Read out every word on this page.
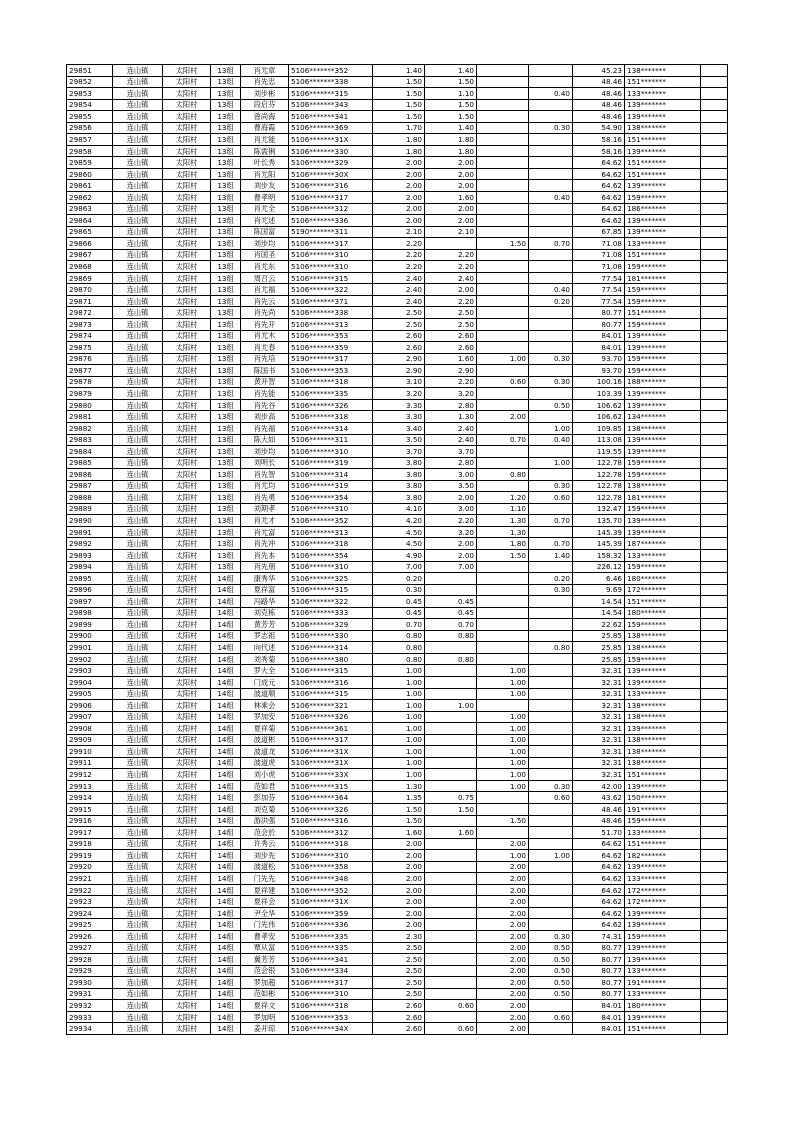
29851	连山镇	太阳村	13组	肖尤章	5106*******352	1.40	1.40			45.23	138*******	
29852	连山镇	太阳村	13组	肖先忠	5106*******338	1.50	1.50			48.46	151*******	
29853	连山镇	太阳村	13组	刘步彬	5106*******315	1.50	1.10		0.40	48.46	133*******	
29854	连山镇	太阳村	13组	段启芬	5106*******343	1.50	1.50			48.46	139*******	
29855	连山镇	太阳村	13组	曾尚海	5106*******341	1.50	1.50			48.46	139*******	
29856	连山镇	太阳村	13组	曹海霞	5106*******369	1.70	1.40		0.30	54.90	138*******	
29857	连山镇	太阳村	13组	肖尤能	5106*******31X	1.80	1.80			58.16	151*******	
29858	连山镇	太阳村	13组	陈需俐	5106*******330	1.80	1.80			58.16	139*******	
29859	连山镇	太阳村	13组	叶长秀	5106*******329	2.00	2.00			64.62	151*******	
29860	连山镇	太阳村	13组	肖尤阳	5106*******30X	2.00	2.00			64.62	151*******	
29861	连山镇	太阳村	13组	刘步友	5106*******316	2.00	2.00			64.62	139*******	
29862	连山镇	太阳村	13组	曹孝明	5106*******317	2.00	1.60		0.40	64.62	159*******	
29863	连山镇	太阳村	13组	肖尤全	5106*******312	2.00	2.00			64.62	186*******	
29864	连山镇	太阳村	13组	肖尤述	5106*******336	2.00	2.00			64.62	139*******	
29865	连山镇	太阳村	13组	陈国富	5190*******311	2.10	2.10			67.85	139*******	
29866	连山镇	太阳村	13组	刘步均	5106*******317	2.20		1.50	0.70	71.08	133*******	
29867	连山镇	太阳村	13组	肖国圣	5106*******310	2.20	2.20			71.08	151*******	
29868	连山镇	太阳村	13组	肖尤东	5106*******310	2.20	2.20			71.08	159*******	
29869	连山镇	太阳村	13组	周召云	5106*******315	2.40	2.40			77.54	181*******	
29870	连山镇	太阳村	13组	肖尤福	5106*******322	2.40	2.00		0.40	77.54	159*******	
29871	连山镇	太阳村	13组	肖先云	5106*******371	2.40	2.20		0.20	77.54	159*******	
29872	连山镇	太阳村	13组	肖先尚	5106*******338	2.50	2.50			80.77	151*******	
29873	连山镇	太阳村	13组	肖先开	5106*******313	2.50	2.50			80.77	159*******	
29874	连山镇	太阳村	13组	肖尤木	5106*******353	2.60	2.60			84.01	139*******	
29875	连山镇	太阳村	13组	肖尤春	5106*******359	2.60	2.60			84.01	139*******	
29876	连山镇	太阳村	13组	肖先培	5190*******317	2.90	1.60	1.00	0.30	93.70	159*******	
29877	连山镇	太阳村	13组	陈国书	5106*******353	2.90	2.90			93.70	159*******	
29878	连山镇	太阳村	13组	黄开智	5106*******318	3.10	2.20	0.60	0.30	100.16	188*******	
29879	连山镇	太阳村	13组	肖先能	5106*******335	3.20	3.20			103.39	139*******	
29880	连山镇	太阳村	13组	肖先谷	5106*******326	3.30	2.80		0.50	106.62	139*******	
29881	连山镇	太阳村	13组	刘步高	5106*******318	3.30	1.30	2.00		106.62	134*******	
29882	连山镇	太阳村	13组	肖先福	5106*******314	3.40	2.40		1.00	109.85	138*******	
29883	连山镇	太阳村	13组	陈大如	5106*******311	3.50	2.40	0.70	0.40	113.08	139*******	
29884	连山镇	太阳村	13组	刘步均	5106*******310	3.70	3.70			119.55	139*******	
29885	连山镇	太阳村	13组	刘明长	5106*******319	3.80	2.80		1.00	122.78	159*******	
29886	连山镇	太阳村	13组	肖先智	5106*******314	3.80	3.00	0.80		122.78	159*******	
29887	连山镇	太阳村	13组	肖尤均	5106*******319	3.80	3.50		0.30	122.78	138*******	
29888	连山镇	太阳村	13组	肖先勇	5106*******354	3.80	2.00	1.20	0.60	122.78	181*******	
29889	连山镇	太阳村	13组	刘期孝	5106*******310	4.10	3.00	1.10		132.47	159*******	
29890	连山镇	太阳村	13组	肖尤才	5106*******352	4.20	2.20	1.30	0.70	135.70	139*******	
29891	连山镇	太阳村	13组	肖尤富	5106*******313	4.50	3.20	1.30		145.39	139*******	
29892	连山镇	太阳村	13组	肖先冲	5106*******318	4.50	2.00	1.80	0.70	145.39	187*******	
29893	连山镇	太阳村	13组	肖先本	5106*******354	4.90	2.00	1.50	1.40	158.32	133*******	
29894	连山镇	太阳村	13组	肖先朋	5106*******310	7.00	7.00			226.12	159*******	
29895	连山镇	太阳村	14组	康秀华	5106*******325	0.20			0.20	6.46	180*******	
29896	连山镇	太阳村	14组	夏祥富	5106*******315	0.30			0.30	9.69	172*******	
29897	连山镇	太阳村	14组	冯路华	5106*******322	0.45	0.45			14.54	151*******	
29898	连山镇	太阳村	14组	刘克栋	5106*******333	0.45	0.45			14.54	180*******	
29899	连山镇	太阳村	14组	黄芳芳	5106*******329	0.70	0.70			22.62	159*******	
29900	连山镇	太阳村	14组	罗志祖	5106*******330	0.80	0.80			25.85	138*******	
29901	连山镇	太阳村	14组	向代述	5106*******314	0.80			0.80	25.85	138*******	
29902	连山镇	太阳村	14组	刘秀菊	5106*******380	0.80	0.80			25.85	159*******	
29903	连山镇	太阳村	14组	罗大全	5106*******315	1.00		1.00		32.31	139*******	
29904	连山镇	太阳村	14组	门成元	5106*******316	1.00		1.00		32.31	139*******	
29905	连山镇	太阳村	14组	波道顺	5106*******315	1.00		1.00		32.31	133*******	
29906	连山镇	太阳村	14组	林乘会	5106*******321	1.00	1.00			32.31	138*******	
29907	连山镇	太阳村	14组	罗加安	5106*******326	1.00		1.00		32.31	138*******	
29908	连山镇	太阳村	14组	夏祥菊	5106*******361	1.00		1.00		32.31	139*******	
29909	连山镇	太阳村	14组	波道彬	5106*******317	1.00		1.00		32.31	138*******	
29910	连山镇	太阳村	14组	波道龙	5106*******31X	1.00		1.00		32.31	138*******	
29911	连山镇	太阳村	14组	波道虎	5106*******31X	1.00		1.00		32.31	138*******	
29912	连山镇	太阳村	14组	刘小虎	5106*******33X	1.00		1.00		32.31	151*******	
29913	连山镇	太阳村	14组	范如君	5106*******315	1.30		1.00	0.30	42.00	139*******	
29914	连山镇	太阳村	14组	彭加芬	5106*******364	1.35	0.75		0.60	43.62	150*******	
29915	连山镇	太阳村	14组	刘克菊	5106*******326	1.50	1.50			48.46	191*******	
29916	连山镇	太阳村	14组	游洪强	5106*******316	1.50		1.50		48.46	159*******	
29917	连山镇	太阳村	14组	范会於	5106*******312	1.60	1.60			51.70	133*******	
29918	连山镇	太阳村	14组	许秀云	5106*******318	2.00		2.00		64.62	151*******	
29919	连山镇	太阳村	14组	刘步先	5106*******310	2.00		1.00	1.00	64.62	182*******	
29920	连山镇	太阳村	14组	波道松	5106*******358	2.00		2.00		64.62	139*******	
29921	连山镇	太阳村	14组	门先先	5106*******348	2.00		2.00		64.62	133*******	
29922	连山镇	太阳村	14组	夏祥建	5106*******352	2.00		2.00		64.62	172*******	
29923	连山镇	太阳村	14组	夏祥会	5106*******31X	2.00		2.00		64.62	172*******	
29924	连山镇	太阳村	14组	尹全华	5106*******359	2.00		2.00		64.62	139*******	
29925	连山镇	太阳村	14组	门先伟	5106*******336	2.00		2.00		64.62	139*******	
29926	连山镇	太阳村	14组	曹孝安	5106*******335	2.30		2.00	0.30	74.31	159*******	
29927	连山镇	太阳村	14组	覃从富	5106*******335	2.50		2.00	0.50	80.77	139*******	
29928	连山镇	太阳村	14组	冀芳芳	5106*******341	2.50		2.00	0.50	80.77	139*******	
29929	连山镇	太阳村	14组	范会银	5106*******334	2.50		2.00	0.50	80.77	133*******	
29930	连山镇	太阳村	14组	罗加超	5106*******317	2.50		2.00	0.50	80.77	191*******	
29931	连山镇	太阳村	14组	范如彬	5106*******310	2.50		2.00	0.50	80.77	133*******	
29932	连山镇	太阳村	14组	夏祥文	5106*******318	2.60	0.60	2.00		84.01	180*******	
29933	连山镇	太阳村	14组	罗加明	5106*******353	2.60		2.00	0.60	84.01	139*******	
29934	连山镇	太阳村	14组	姜开琼	5106*******34X	2.60	0.60	2.00		84.01	151*******	
